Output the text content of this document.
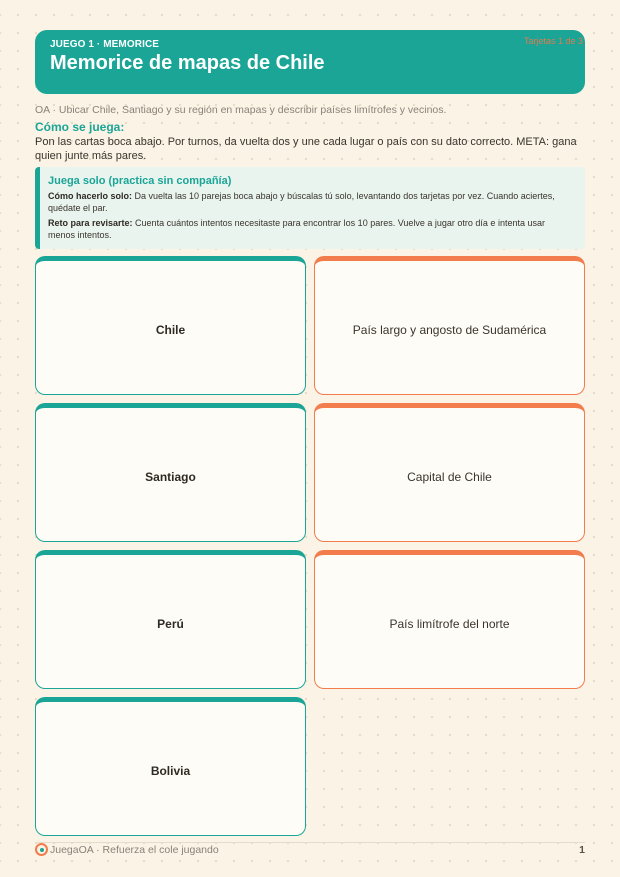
JUEGO 1 · MEMORICE
Memorice de mapas de Chile
Tarjetas 1 de 3
OA · Ubicar Chile, Santiago y su región en mapas y describir países limítrofes y vecinos.
Cómo se juega:
Pon las cartas boca abajo. Por turnos, da vuelta dos y une cada lugar o país con su dato correcto. META: gana quien junte más pares.
Juega solo (practica sin compañía)
Cómo hacerlo solo: Da vuelta las 10 parejas boca abajo y búscalas tú solo, levantando dos tarjetas por vez. Cuando aciertes, quédate el par.
Reto para revisarte: Cuenta cuántos intentos necesitaste para encontrar los 10 pares. Vuelve a jugar otro día e intenta usar menos intentos.
Chile	País largo y angosto de Sudamérica
Santiago	Capital de Chile
Perú	País limítrofe del norte
Bolivia
JuegaOA · Refuerza el cole jugando	1
